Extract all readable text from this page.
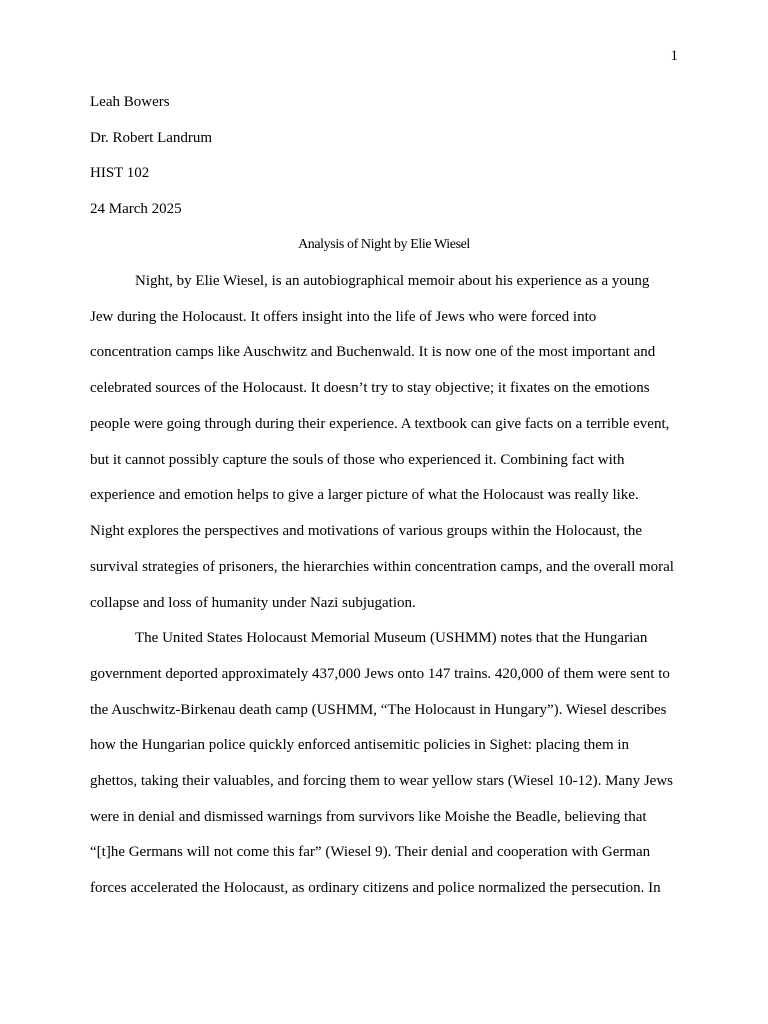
1
Leah Bowers
Dr. Robert Landrum
HIST 102
24 March 2025
Analysis of Night by Elie Wiesel
Night, by Elie Wiesel, is an autobiographical memoir about his experience as a young
Jew during the Holocaust. It offers insight into the life of Jews who were forced into
concentration camps like Auschwitz and Buchenwald. It is now one of the most important and
celebrated sources of the Holocaust. It doesn’t try to stay objective; it fixates on the emotions
people were going through during their experience. A textbook can give facts on a terrible event,
but it cannot possibly capture the souls of those who experienced it. Combining fact with
experience and emotion helps to give a larger picture of what the Holocaust was really like.
Night explores the perspectives and motivations of various groups within the Holocaust, the
survival strategies of prisoners, the hierarchies within concentration camps, and the overall moral
collapse and loss of humanity under Nazi subjugation.
The United States Holocaust Memorial Museum (USHMM) notes that the Hungarian
government deported approximately 437,000 Jews onto 147 trains. 420,000 of them were sent to
the Auschwitz-Birkenau death camp (USHMM, “The Holocaust in Hungary”). Wiesel describes
how the Hungarian police quickly enforced antisemitic policies in Sighet: placing them in
ghettos, taking their valuables, and forcing them to wear yellow stars (Wiesel 10-12). Many Jews
were in denial and dismissed warnings from survivors like Moishe the Beadle, believing that
“[t]he Germans will not come this far” (Wiesel 9). Their denial and cooperation with German
forces accelerated the Holocaust, as ordinary citizens and police normalized the persecution. In
